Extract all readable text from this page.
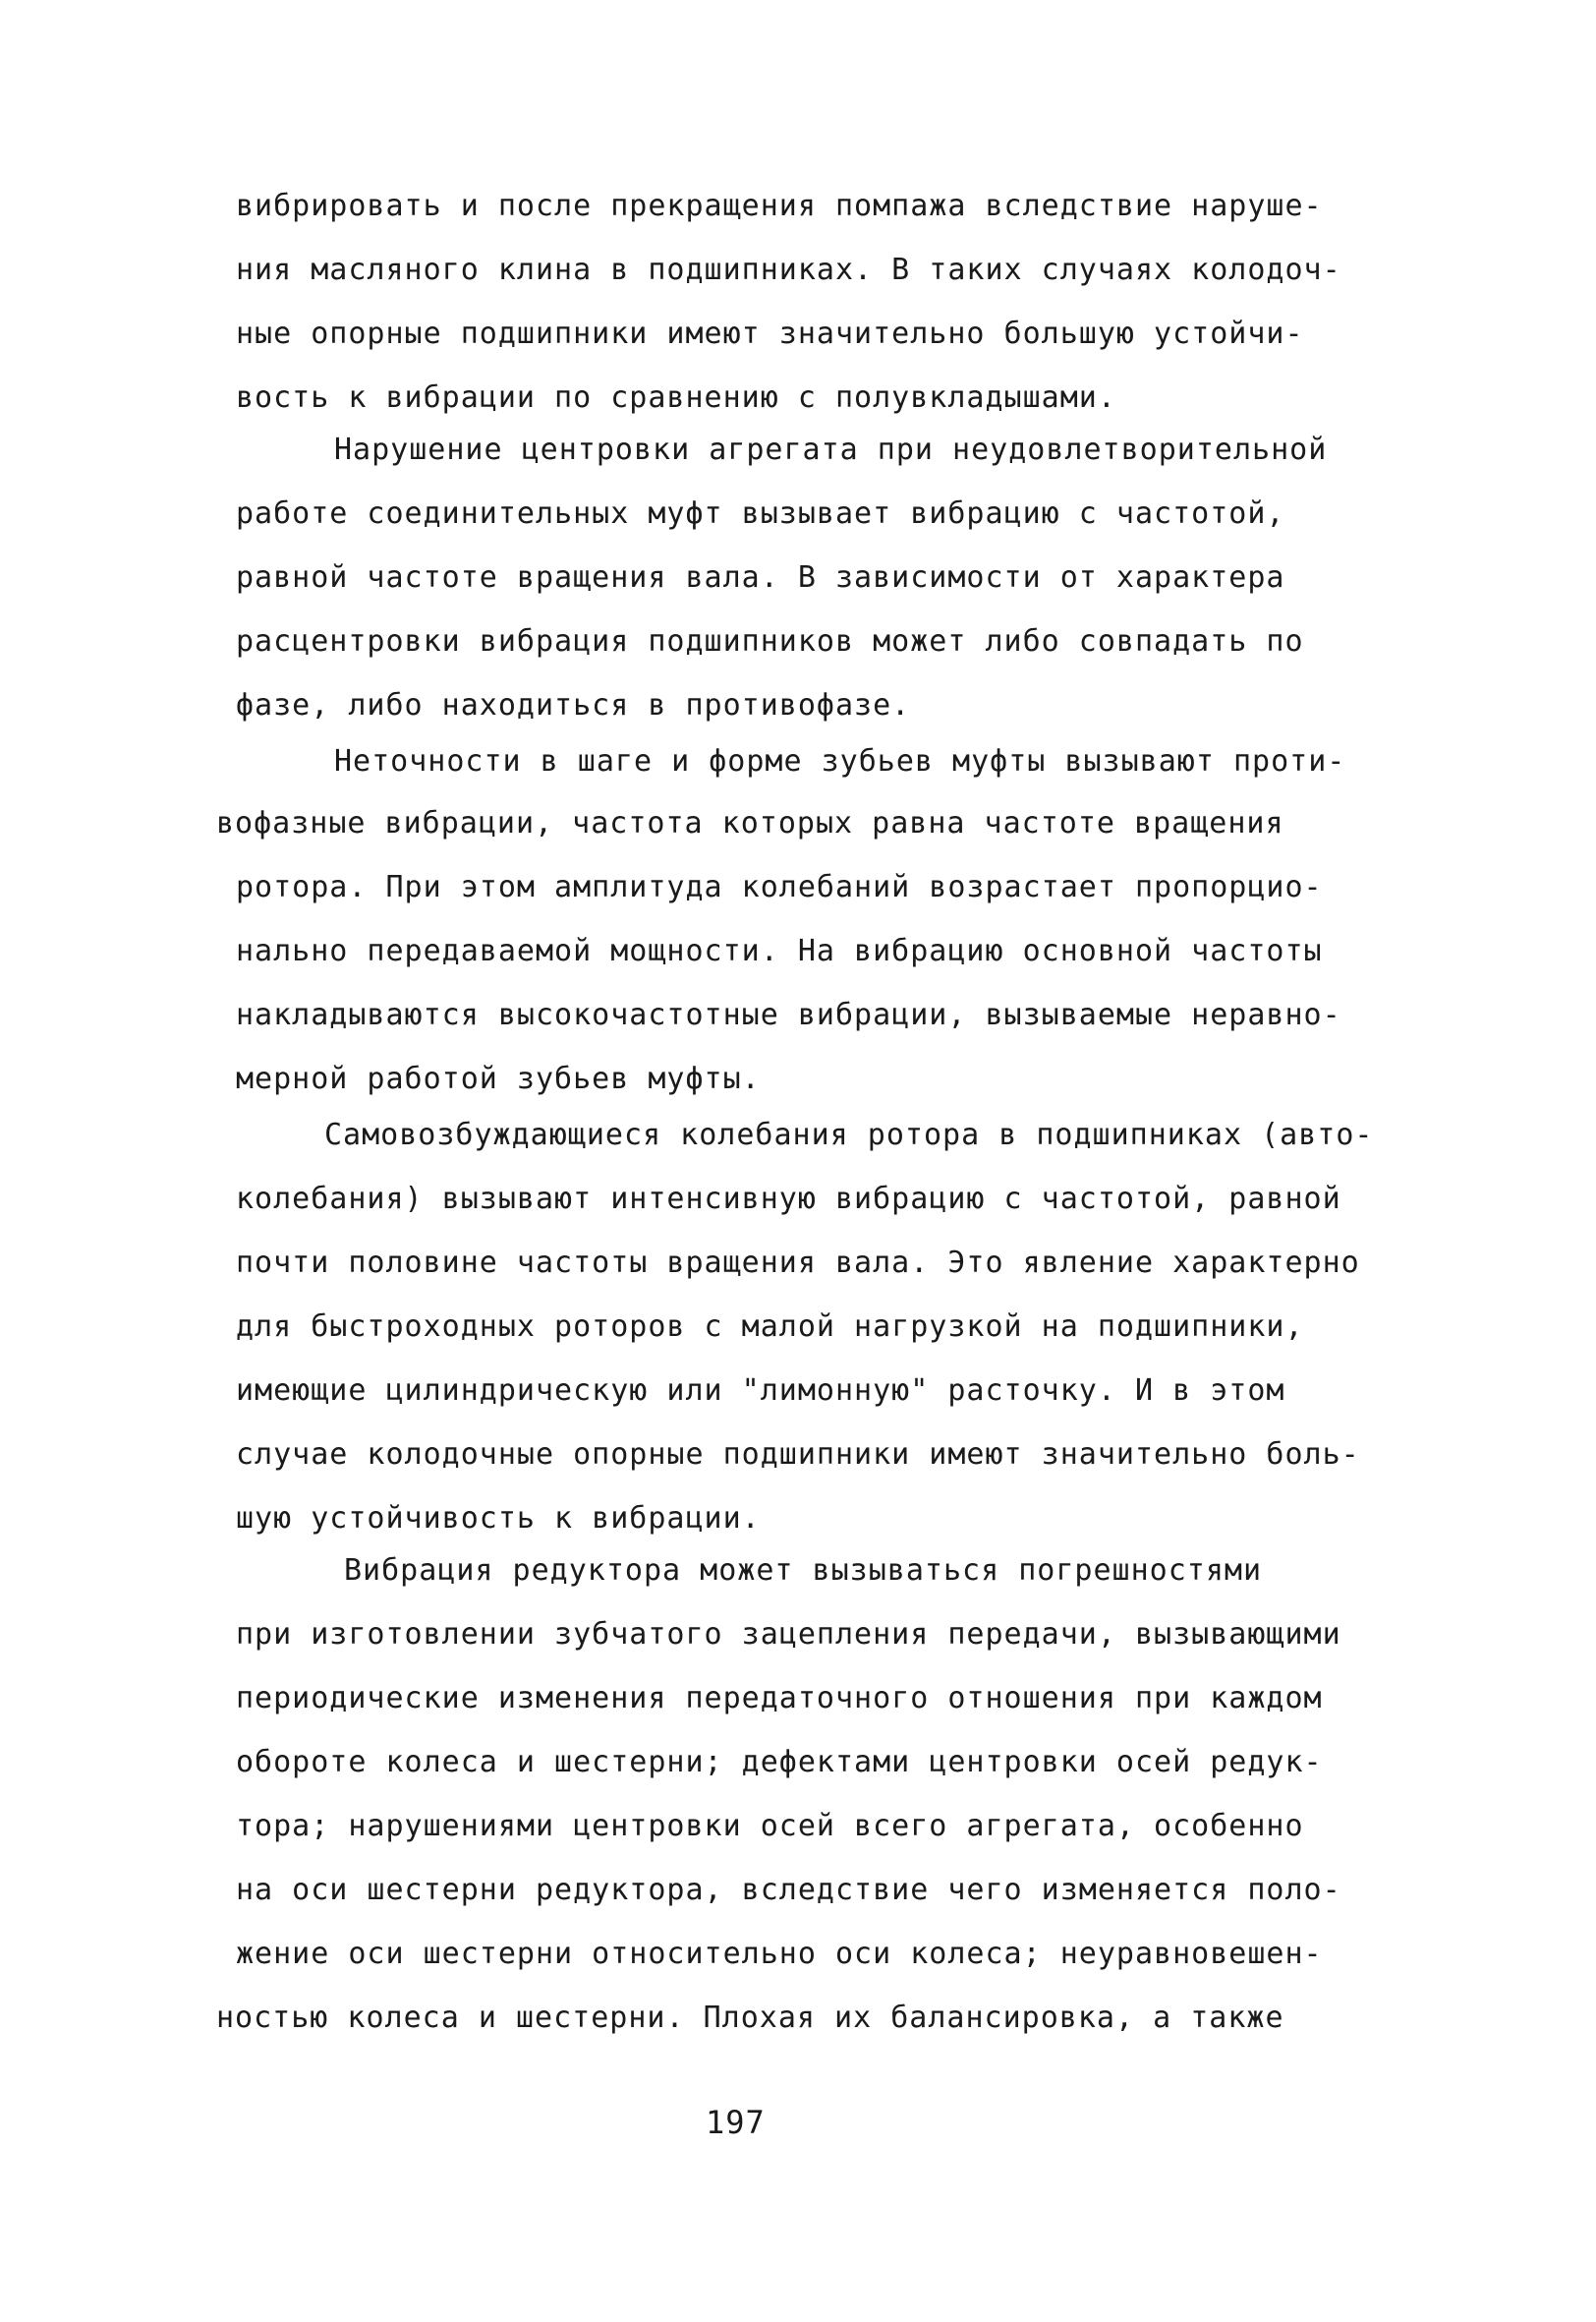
вибрировать и после прекращения помпажа вследствие наруше-
ния масляного клина в подшипниках. В таких случаях колодоч-
ные опорные подшипники имеют значительно большую устойчи-
вость к вибрации по сравнению с полувкладышами.
Нарушение центровки агрегата при неудовлетворительной
работе соединительных муфт вызывает вибрацию с частотой,
равной частоте вращения вала. В зависимости от характера
расцентровки вибрация подшипников может либо совпадать по
фазе, либо находиться в противофазе.
Неточности в шаге и форме зубьев муфты вызывают проти-
вофазные вибрации, частота которых равна частоте вращения
ротора. При этом амплитуда колебаний возрастает пропорцио-
нально передаваемой мощности. На вибрацию основной частоты
накладываются высокочастотные вибрации, вызываемые неравно-
мерной работой зубьев муфты.
Самовозбуждающиеся колебания ротора в подшипниках (авто-
колебания) вызывают интенсивную вибрацию с частотой, равной
почти половине частоты вращения вала. Это явление характерно
для быстроходных роторов с малой нагрузкой на подшипники,
имеющие цилиндрическую или "лимонную" расточку. И в этом
случае колодочные опорные подшипники имеют значительно боль-
шую устойчивость к вибрации.
Вибрация редуктора может вызываться погрешностями
при изготовлении зубчатого зацепления передачи, вызывающими
периодические изменения передаточного отношения при каждом
обороте колеса и шестерни; дефектами центровки осей редук-
тора; нарушениями центровки осей всего агрегата, особенно
на оси шестерни редуктора, вследствие чего изменяется поло-
жение оси шестерни относительно оси колеса; неуравновешен-
ностью колеса и шестерни. Плохая их балансировка, а также
197
